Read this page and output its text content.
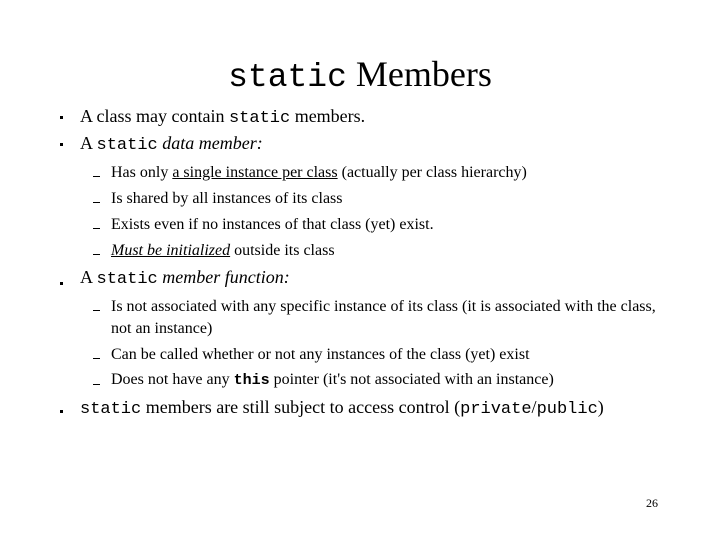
static Members
A class may contain static members.
A static data member:
Has only a single instance per class (actually per class hierarchy)
Is shared by all instances of its class
Exists even if no instances of that class (yet) exist.
Must be initialized outside its class
A static member function:
Is not associated with any specific instance of its class (it is associated with the class, not an instance)
Can be called whether or not any instances of the class (yet) exist
Does not have any this pointer (it's not associated with an instance)
static members are still subject to access control (private/public)
26
